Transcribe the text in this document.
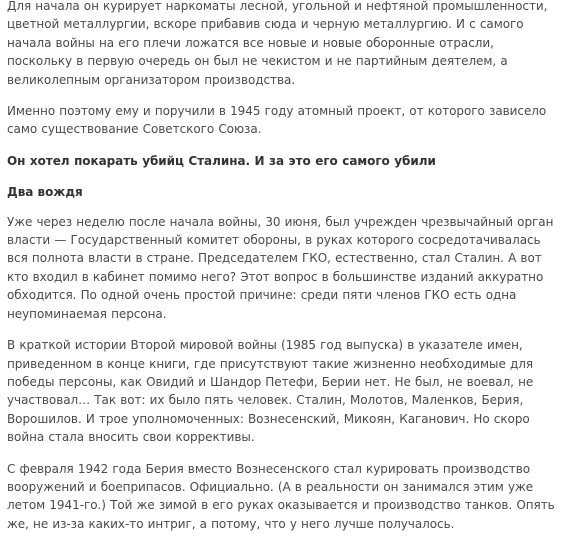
Для начала он курирует наркоматы лесной, угольной и нефтяной промышленности, цветной металлургии, вскоре прибавив сюда и черную металлургию. И с самого начала войны на его плечи ложатся все новые и новые оборонные отрасли, поскольку в первую очередь он был не чекистом и не партийным деятелем, а великолепным организатором производства.

Именно поэтому ему и поручили в 1945 году атомный проект, от которого зависело само существование Советского Союза.

Он хотел покарать убийц Сталина. И за это его самого убили

Два вождя

Уже через неделю после начала войны, 30 июня, был учрежден чрезвычайный орган власти — Государственный комитет обороны, в руках которого сосредотачивалась вся полнота власти в стране. Председателем ГКО, естественно, стал Сталин. А вот кто входил в кабинет помимо него? Этот вопрос в большинстве изданий аккуратно обходится. По одной очень простой причине: среди пяти членов ГКО есть одна неупоминаемая персона.

В краткой истории Второй мировой войны (1985 год выпуска) в указателе имен, приведенном в конце книги, где присутствуют такие жизненно необходимые для победы персоны, как Овидий и Шандор Петефи, Берии нет. Не был, не воевал, не участвовал… Так вот: их было пять человек. Сталин, Молотов, Маленков, Берия, Ворошилов. И трое уполномоченных: Вознесенский, Микоян, Каганович. Но скоро война стала вносить свои коррективы.

С февраля 1942 года Берия вместо Вознесенского стал курировать производство вооружений и боеприпасов. Официально. (А в реальности он занимался этим уже летом 1941-го.) Той же зимой в его руках оказывается и производство танков. Опять же, не из-за каких-то интриг, а потому, что у него лучше получалось.
